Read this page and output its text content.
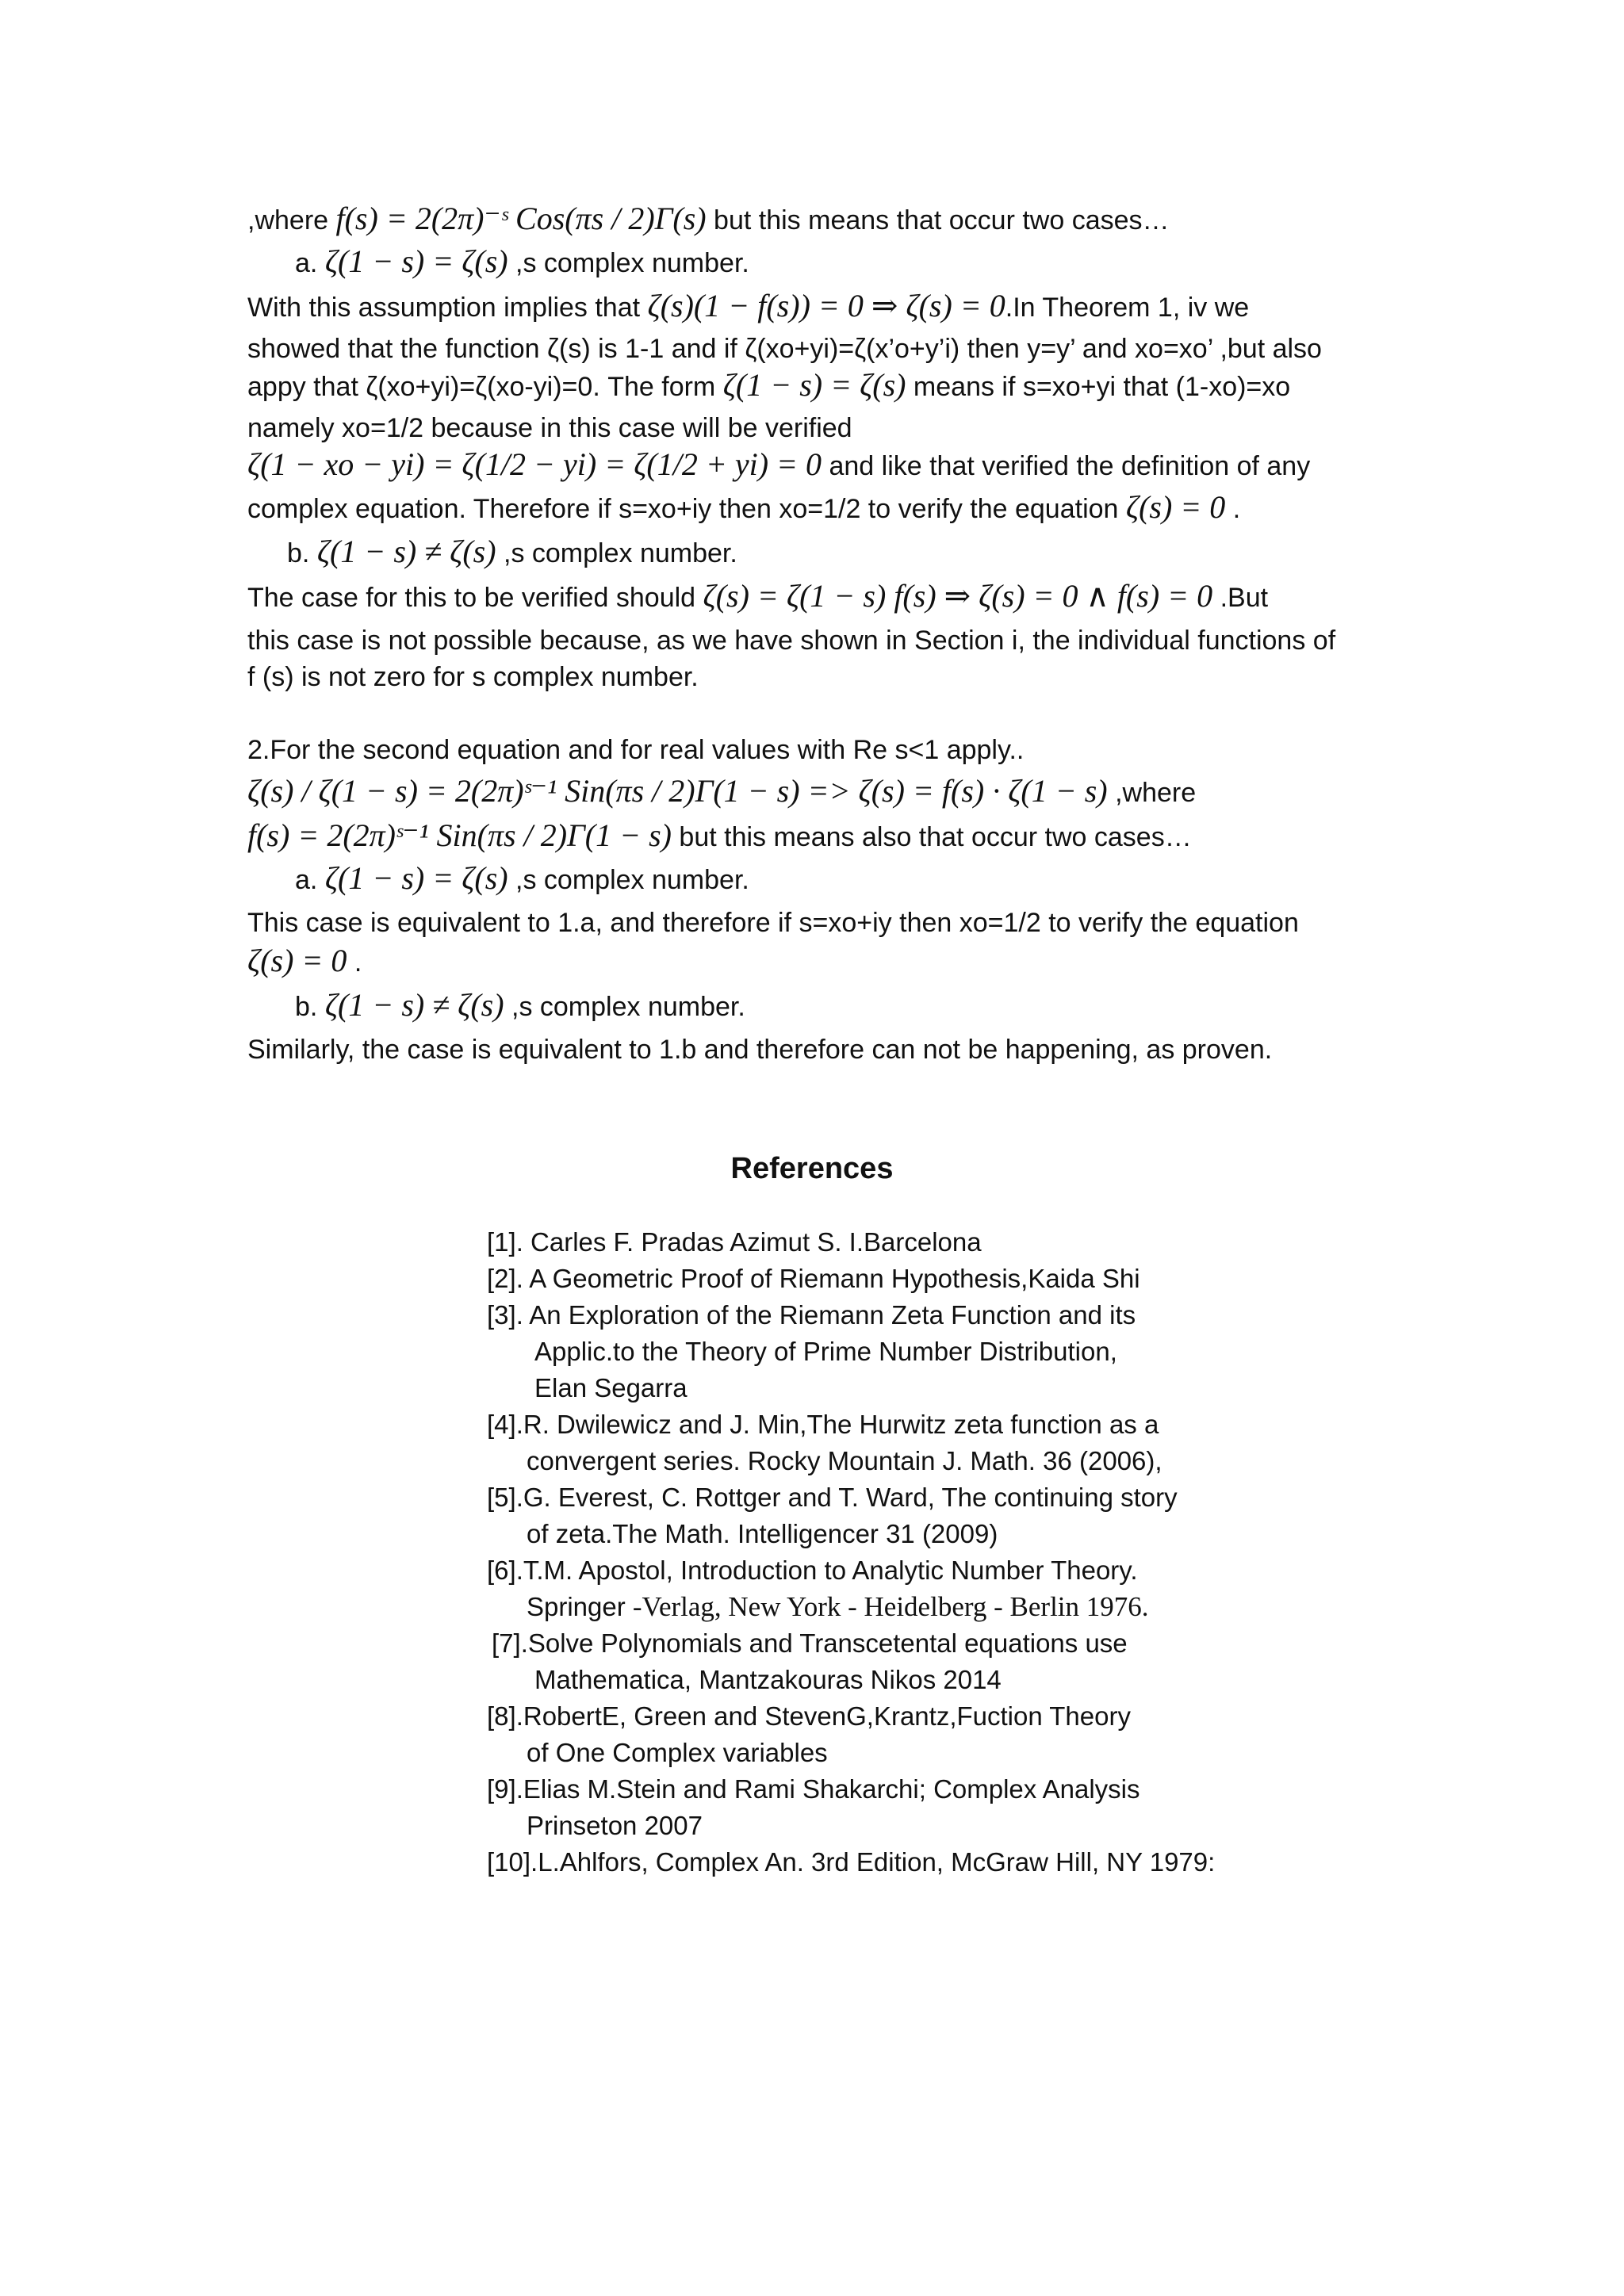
,where f(s) = 2(2π)⁻ˢ Cos(πs / 2)Γ(s) but this means that occur two cases…
a. ζ(1 − s) = ζ(s) ,s complex number.
With this assumption implies that ζ(s)(1 − f(s)) = 0 ⇒ ζ(s) = 0.In Theorem 1, iv we
showed that the function ζ(s) is 1-1 and if ζ(xo+yi)=ζ(x’o+y’i) then y=y’ and xo=xo’ ,but also
appy that ζ(xo+yi)=ζ(xo-yi)=0. The form ζ(1 − s) = ζ(s) means if s=xo+yi that (1-xo)=xo
namely xo=1/2 because in this case will be verified
ζ(1 − xo − yi) = ζ(1/2 − yi) = ζ(1/2 + yi) = 0 and like that verified the definition of any
complex equation. Therefore if s=xo+iy then xo=1/2 to verify the equation ζ(s) = 0 .
b. ζ(1 − s) ≠ ζ(s) ,s complex number.
The case for this to be verified should ζ(s) = ζ(1 − s) f(s) ⇒ ζ(s) = 0 ∧ f(s) = 0 .But
this case is not possible because, as we have shown in Section i, the individual functions of
f (s) is not zero for s complex number.
2.For the second equation and for real values with Re s<1 apply..
ζ(s) / ζ(1 − s) = 2(2π)ˢ⁻¹ Sin(πs / 2)Γ(1 − s) => ζ(s) = f(s) · ζ(1 − s) ,where
f(s) = 2(2π)ˢ⁻¹ Sin(πs / 2)Γ(1 − s) but this means also that occur two cases…
a. ζ(1 − s) = ζ(s) ,s complex number.
This case is equivalent to 1.a, and therefore if s=xo+iy then xo=1/2 to verify the equation
ζ(s) = 0 .
b. ζ(1 − s) ≠ ζ(s) ,s complex number.
Similarly, the case is equivalent to 1.b and therefore can not be happening, as proven.
References
[1]. Carles F. Pradas Azimut S. I.Barcelona
[2]. A Geometric Proof of Riemann Hypothesis,Kaida Shi
[3]. An Exploration of the Riemann Zeta Function and its
Applic.to the Theory of Prime Number Distribution,
Elan Segarra
[4].R. Dwilewicz and J. Min,The Hurwitz zeta function as a
convergent series. Rocky Mountain J. Math. 36 (2006),
[5].G. Everest, C. Rottger and T. Ward, The continuing story
of zeta.The Math. Intelligencer 31 (2009)
[6].T.M. Apostol, Introduction to Analytic Number Theory.
Springer -Verlag, New York - Heidelberg - Berlin 1976.
[7].Solve Polynomials and Transcetental equations use
Mathematica, Mantzakouras Nikos 2014
[8].RobertE, Green and StevenG,Krantz,Fuction Theory
of One Complex variables
[9].Elias M.Stein and Rami Shakarchi; Complex Analysis
Prinseton 2007
[10].L.Ahlfors, Complex An. 3rd Edition, McGraw Hill, NY 1979:
